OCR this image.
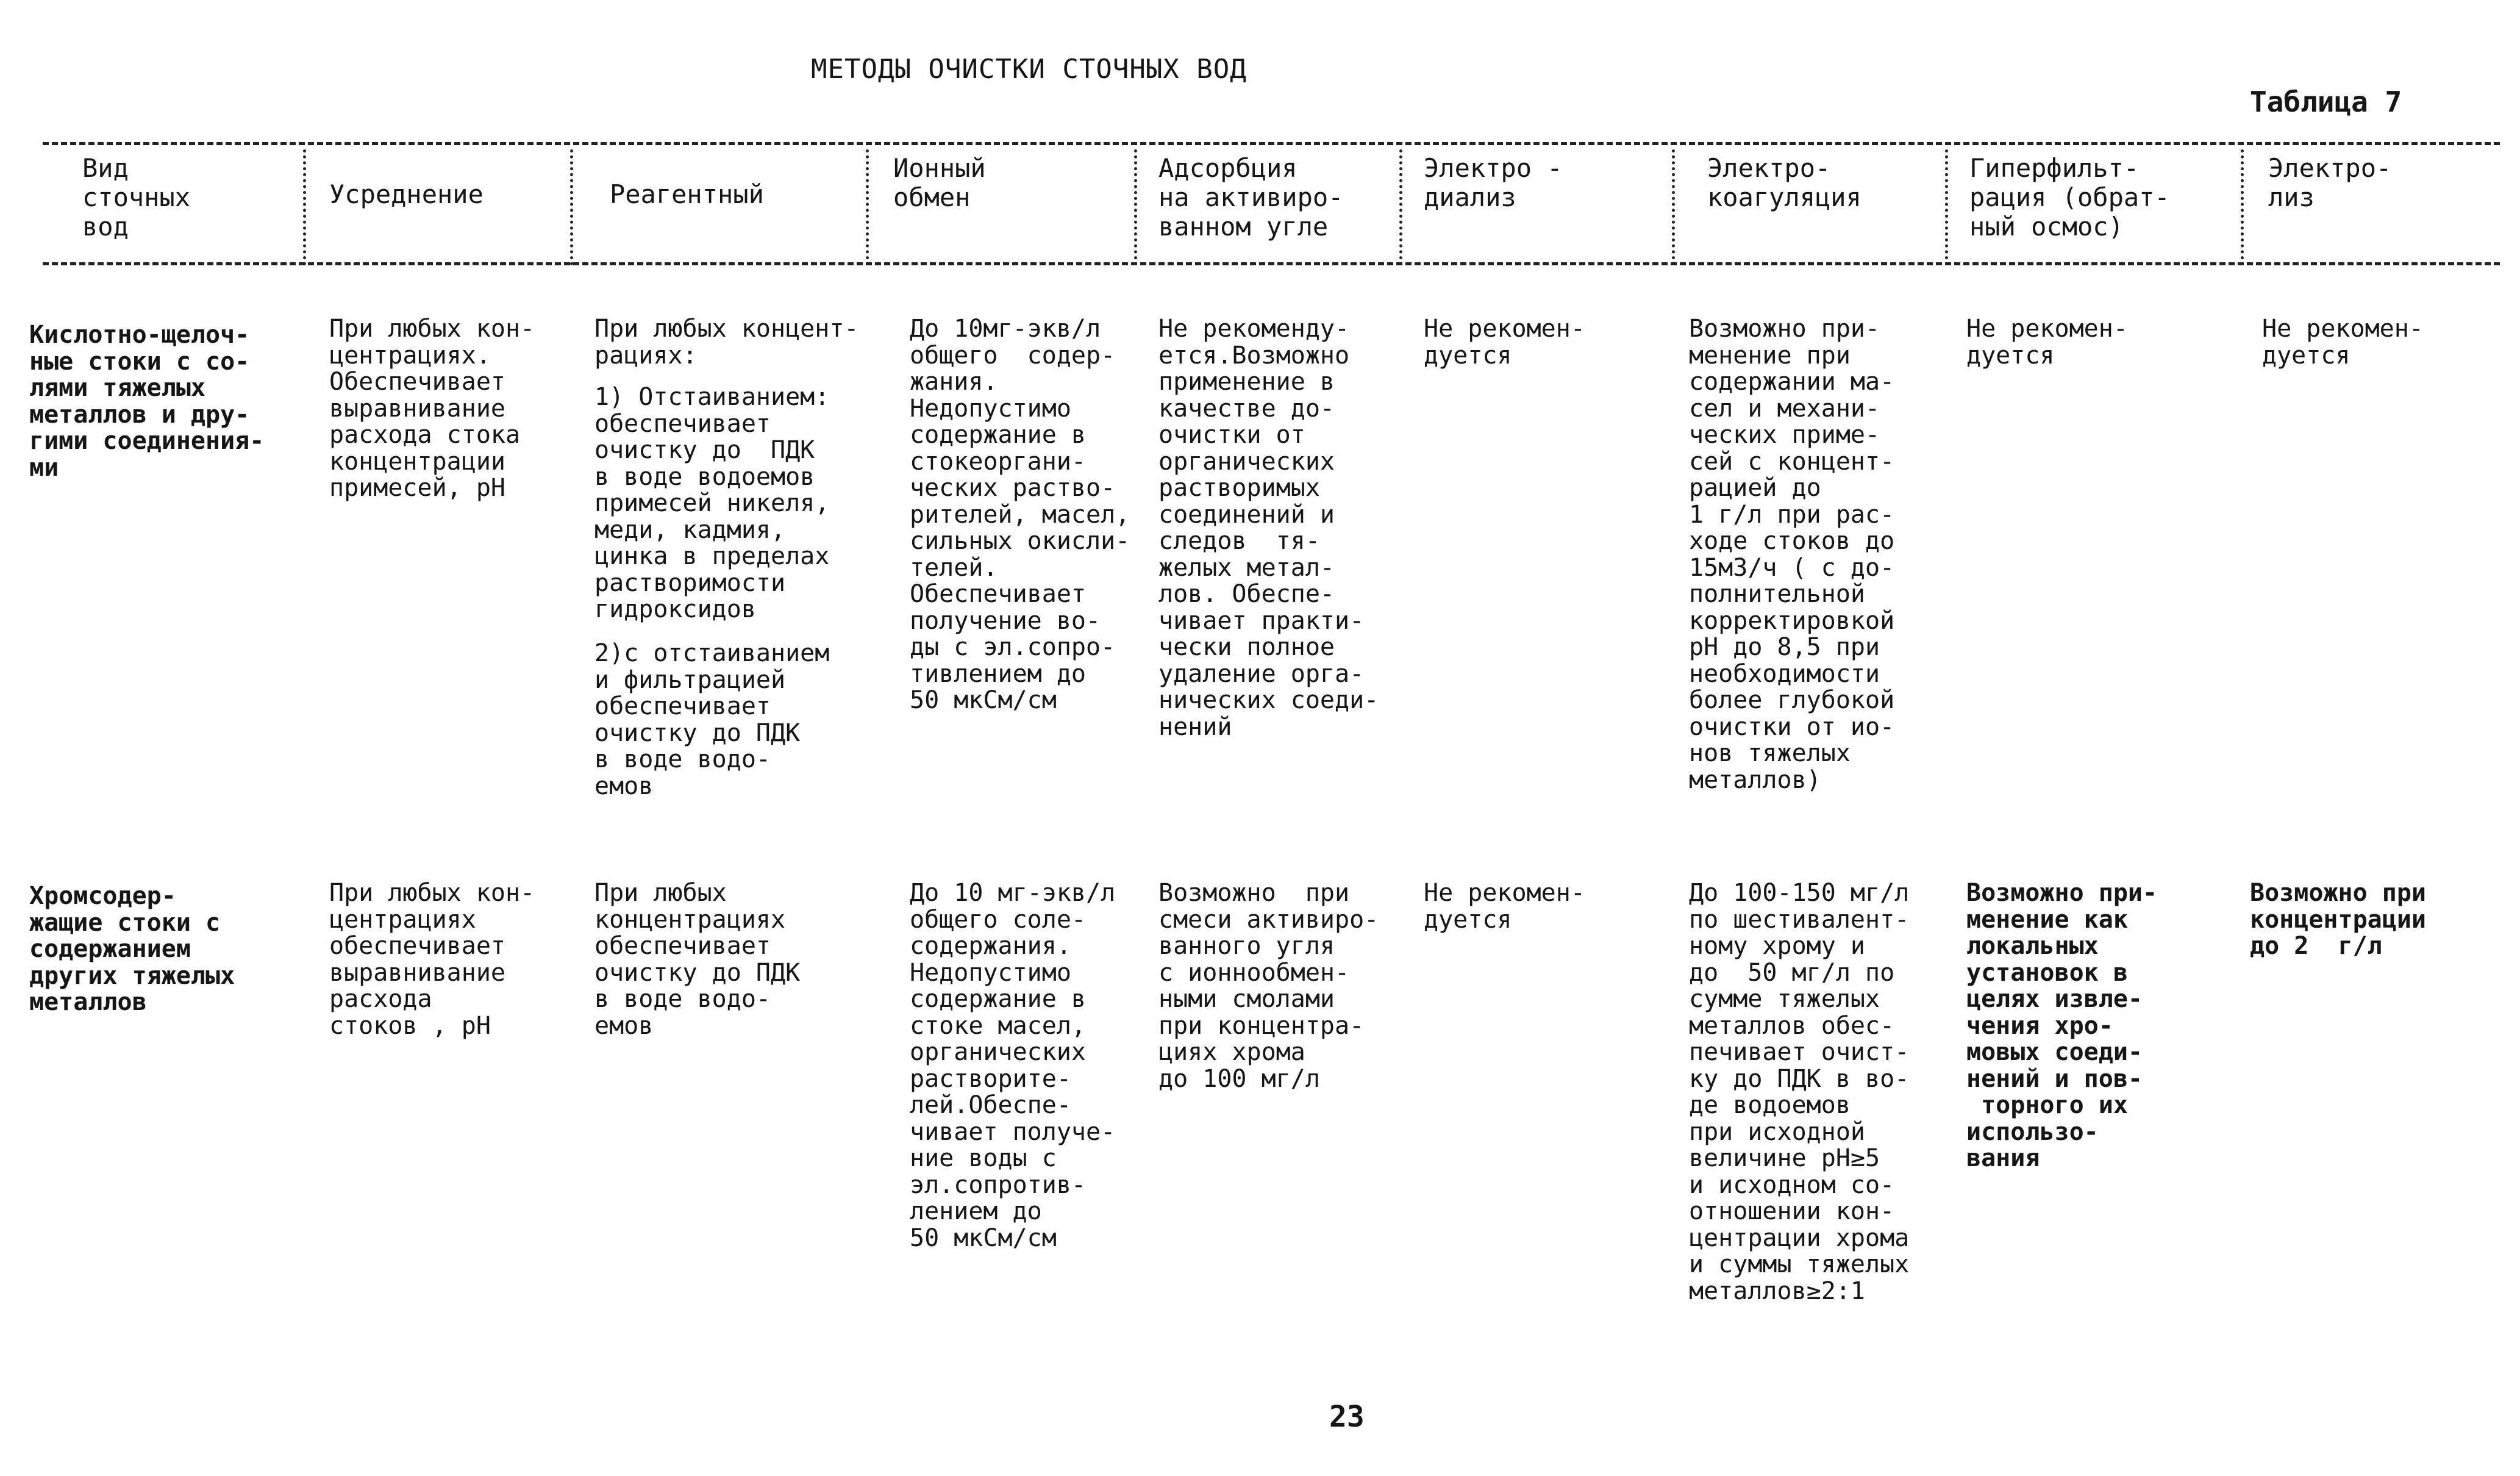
МЕТОДЫ ОЧИСТКИ СТОЧНЫХ ВОД
Таблица 7
Вид
сточных
вод
Усреднение	Реагентный
Ионный
обмен
Адсорбция
на активиро-
ванном угле
Электро -
диализ
Электро-
коагуляция
Гиперфильт-
рация (обрат-
ный осмос)
Электро-
лиз
Кислотно-щелоч-
ные стоки с со-
лями тяжелых
металлов и дру-
гими соединения-
ми
При любых кон-
центрациях.
Обеспечивает
выравнивание
расхода стока
концентрации
примесей, рН
При любых концент-
рациях:
1) Отстаиванием:
обеспечивает
очистку до  ПДК
в воде водоемов
примесей никеля,
меди, кадмия,
цинка в пределах
растворимости
гидроксидов
2)с отстаиванием
и фильтрацией
обеспечивает
очистку до ПДК
в воде водо-
емов
До 10мг-экв/л
общего  содер-
жания.
Недопустимо
содержание в
стокеоргани-
ческих раство-
рителей, масел,
сильных окисли-
телей.
Обеспечивает
получение во-
ды с эл.сопро-
тивлением до
50 мкСм/см
Не рекоменду-
ется.Возможно
применение в
качестве до-
очистки от
органических
растворимых
соединений и
следов  тя-
желых метал-
лов. Обеспе-
чивает практи-
чески полное
удаление орга-
нических соеди-
нений
Не рекомен-
дуется
Возможно при-
менение при
содержании ма-
сел и механи-
ческих приме-
сей с концент-
рацией до
1 г/л при рас-
ходе стоков до
15м3/ч ( с до-
полнительной
корректировкой
рН до 8,5 при
необходимости
более глубокой
очистки от ио-
нов тяжелых
металлов)
Не рекомен-
дуется
Не рекомен-
дуется
Хромсодер-
жащие стоки с
содержанием
других тяжелых
металлов
При любых кон-
центрациях
обеспечивает
выравнивание
расхода
стоков , рН
При любых
концентрациях
обеспечивает
очистку до ПДК
в воде водо-
емов
До 10 мг-экв/л
общего соле-
содержания.
Недопустимо
содержание в
стоке масел,
органических
растворите-
лей.Обеспе-
чивает получе-
ние воды с
эл.сопротив-
лением до
50 мкСм/см
Возможно  при
смеси активиро-
ванного угля
с ионнообмен-
ными смолами
при концентра-
циях хрома
до 100 мг/л
Не рекомен-
дуется
До 100-150 мг/л
по шестивалент-
ному хрому и
до  50 мг/л по
сумме тяжелых
металлов обес-
печивает очист-
ку до ПДК в во-
де водоемов
при исходной
величине рН≥5
и исходном со-
отношении кон-
центрации хрома
и суммы тяжелых
металлов≥2:1
Возможно при-
менение как
локальных
установок в
целях извле-
чения хро-
мовых соеди-
нений и пов-
торного их
использо-
вания
Возможно при
концентрации
до 2  г/л
23
